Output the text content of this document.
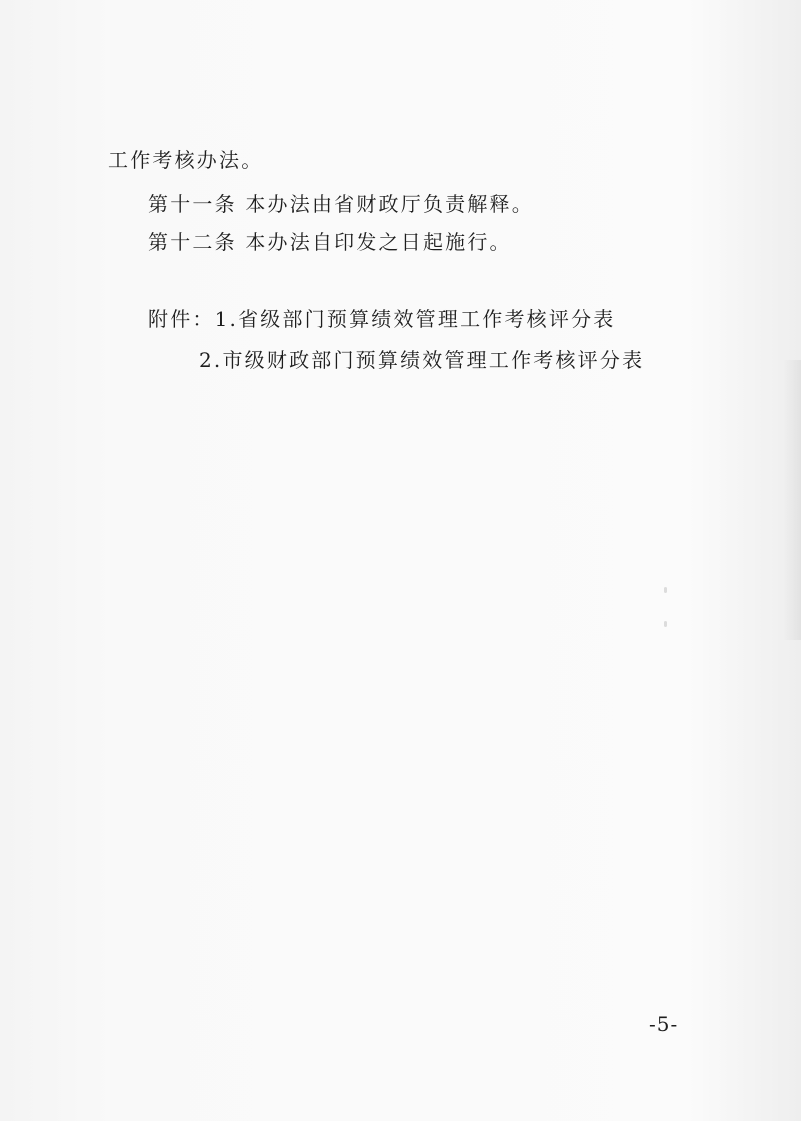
工作考核办法。
第十一条 本办法由省财政厅负责解释。
第十二条 本办法自印发之日起施行。
附件：1.省级部门预算绩效管理工作考核评分表
2.市级财政部门预算绩效管理工作考核评分表
-5-
